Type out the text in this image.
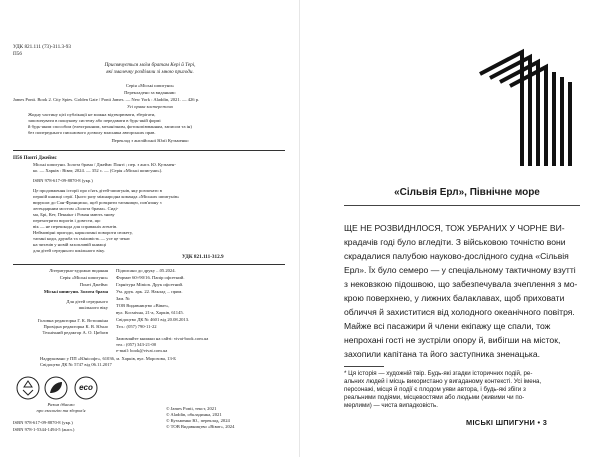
УДК 821.111 (73)-311.3-93
П56
Присвячується моїм братам Кері й Тері,
які змалечку розділяли зі мною пригоди.
Серія «Міські шпигуни»
Перекладено за виданням:
James Ponti. Book 2. City Spies. Golden Gate / Ponti James. — New York : Aladdin, 2021. — 426 p.
Усі права застережено
Жодну частину цієї публікації не можна відтворювати, зберігати,
запозичувати в пошукову систему або передавати в будь-якій формі
й будь-яким способом (електронним, механічним, фотокопіюванням, записом та ін)
без попереднього письмового дозволу власника авторських прав.
Переклад з англійської Юлії Кузьменко
П56 Понті Джеймс
Міські шпигуни. Золота брама / Джеймс Понті ; пер. з англ. Ю. Кузьмен-
ко. — Харків : Віват, 2024. — 352 с. — (Серія «Міські шпигуни»).
ISBN 978-617-09-8870-8 (укр.)
Це продовження історії про п'ять дітей-шпигунів, яку розпочато в
першій книжці серії. Цього разу міжнародна команда «Міських шпигунів»
вирушає до Сан-Франциско, щоб розкрити таємницю, пов'язану з
легендарним мостом «Золота брама». Сиді-
ма, Брі, Кет, Пеннінг і Роман мають знову
перехитрити ворогів і довести, що
вік — не перешкода для справжніх агентів.
Неймовірні пригоди, карколомні повороти сюжету,
таємні коди, дружба та сміливість — усе це чекає
на читачів у новій захопливій книжці
для дітей середнього шкільного віку.
УДК 821.111-312.9
Літературно-художнє видання
Серія «Міські шпигуни»
Понті Джеймс
Міські шпигуни. Золота брама
Для дітей середнього
шкільного віку
Головна редакторка Г. К. Вєтошкіна
Провідна редакторка К. В. Юхно
Технічний редактор А. О. Цибаєв
Підписано до друку ...05.2024.
Формат 60×90/16. Папір офсетний.
Гарнітура Minion. Друк офсетний.
Ум. друк. арк. 22. Наклад ... прим.
Зам. №
ТОВ Видавництво «Віват»,
вул. Космічна, 21-а, Харків, 61145.
Свідоцтво ДК № 4601 від 20.08.2013.
Тел.: (057) 790-11-22
Замовляйте книжки на сайті: vivat-book.com.ua
тел.: (057) 343-21-00
e-mail: book@vivat.com.ua
Надруковано у ПП «Юнісофт», 61036, м. Харків, вул. Морозова, 13-Б
Свідоцтво ДК № 5747 від 06.11.2017
eco
Разом дбаємо
про екологію та здоров'я
ISBN 978-617-09-8870-8 (укр.)
ISBN 978-1-5344-1494-5 (англ.)
© James Ponti, текст, 2021
© Aladdin, обкладинка, 2021
© Кузьменко Ю., переклад, 2024
© ТОВ Видавництво «Віват», 2024
1
«Сільвія Ерл», Північне море
ЩЕ НЕ РОЗВИДНЛОСЯ, ТОЖ УБРАНИХ У ЧОРНЕ ВИ-
крадачів годі було вгледіти. З військовою точністю вони
скрадалися палубою науково-дослідного судна «Сільвія
Ерл». Їх було семеро — у спеціальному тактичному взутті
з нековзкою підошвою, що забезпечувала зчеплення з мо-
крою поверхнею, у лижних балаклавах, щоб приховати
обличчя й захиститися від холодного океанічного повітря.
Майже всі пасажири й члени екіпажу ще спали, тож
непрохані гості не зустріли опору й, вибігши на місток,
захопили капітана та його заступника зненацька.
* Ця історія — художній твір. Будь-які згадки історичних подій, ре-
альних людей і місць використано у вигаданому контексті. Усі імена,
персонажі, місця й події є плодом уяви автора, і будь-які збіги з
реальними подіями, місцевостями або людьми (живими чи по-
мерлими) — чиста випадковість.
МІСЬКІ ШПИГУНИ • 3
